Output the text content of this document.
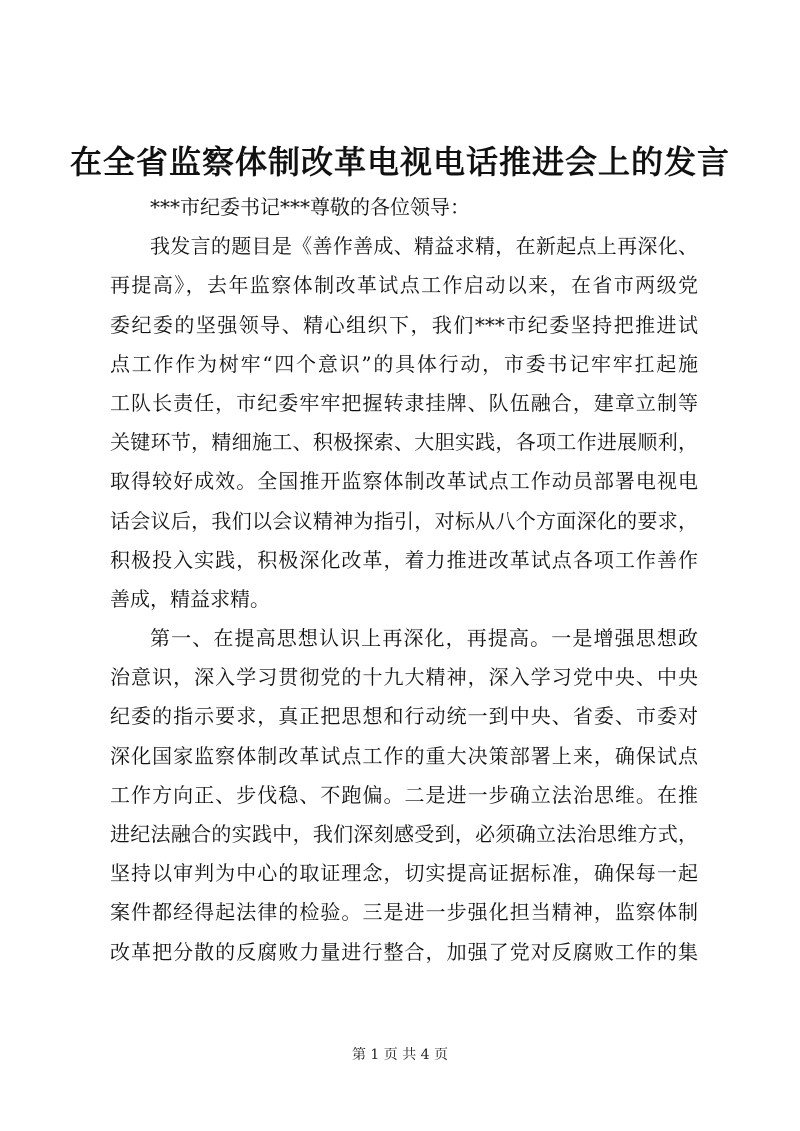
在全省监察体制改革电视电话推进会上的发言
***市纪委书记***尊敬的各位领导：
我发言的题目是《善作善成、精益求精，在新起点上再深化、
再提高》，去年监察体制改革试点工作启动以来，在省市两级党
委纪委的坚强领导、精心组织下，我们***市纪委坚持把推进试
点工作作为树牢“四个意识”的具体行动，市委书记牢牢扛起施
工队长责任，市纪委牢牢把握转隶挂牌、队伍融合，建章立制等
关键环节，精细施工、积极探索、大胆实践，各项工作进展顺利，
取得较好成效。全国推开监察体制改革试点工作动员部署电视电
话会议后，我们以会议精神为指引，对标从八个方面深化的要求，
积极投入实践，积极深化改革，着力推进改革试点各项工作善作
善成，精益求精。
第一、在提高思想认识上再深化，再提高。一是增强思想政
治意识，深入学习贯彻党的十九大精神，深入学习党中央、中央
纪委的指示要求，真正把思想和行动统一到中央、省委、市委对
深化国家监察体制改革试点工作的重大决策部署上来，确保试点
工作方向正、步伐稳、不跑偏。二是进一步确立法治思维。在推
进纪法融合的实践中，我们深刻感受到，必须确立法治思维方式，
坚持以审判为中心的取证理念，切实提高证据标准，确保每一起
案件都经得起法律的检验。三是进一步强化担当精神，监察体制
改革把分散的反腐败力量进行整合，加强了党对反腐败工作的集
第 1 页 共 4 页
